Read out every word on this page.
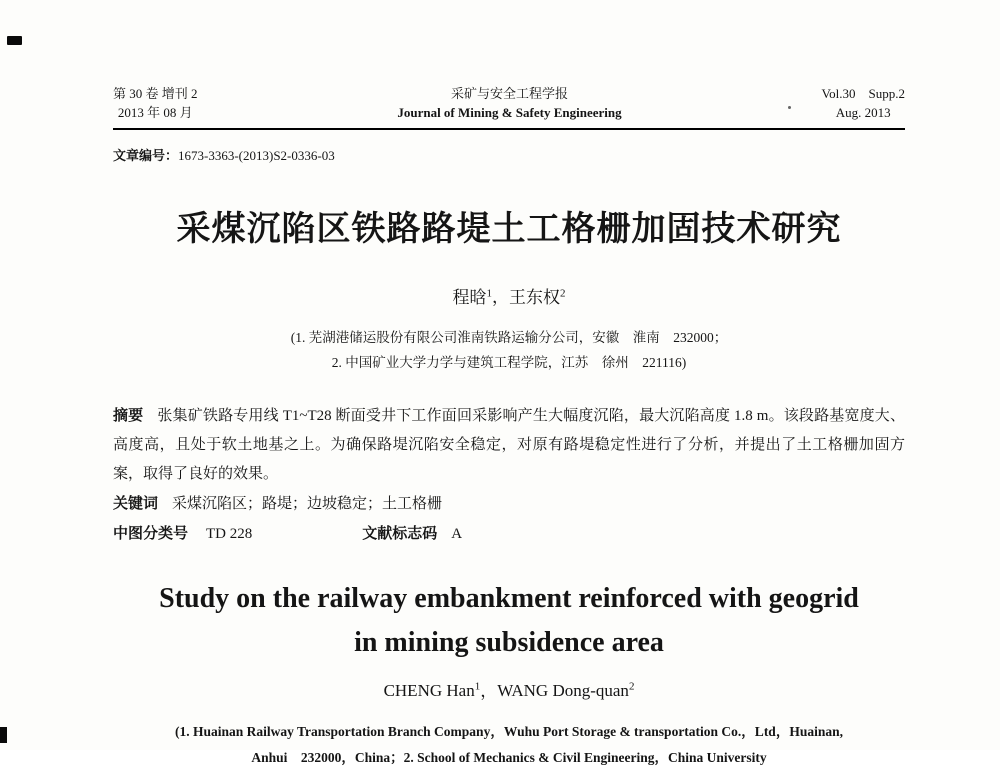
第 30 卷 增刊 2
2013 年 08 月
采矿与安全工程学报
Journal of Mining & Safety Engineering
Vol.30　Supp.2
Aug. 2013

文章编号：1673-3363-(2013)S2-0336-03

采煤沉陷区铁路路堤土工格栅加固技术研究

程晗$^1$，王东权$^2$

(1. 芜湖港储运股份有限公司淮南铁路运输分公司，安徽　淮南　232000；
2. 中国矿业大学力学与建筑工程学院，江苏　徐州　221116)

摘要 张集矿铁路专用线 T1~T28 断面受井下工作面回采影响产生大幅度沉陷，最大沉陷高度 1.8 m。该段路基宽度大、高度高，且处于软土地基之上。为确保路堤沉陷安全稳定，对原有路堤稳定性进行了分析，并提出了土工格栅加固方案，取得了良好的效果。

关键词 采煤沉陷区；路堤；边坡稳定；土工格栅

中图分类号 TD 228	文献标志码 A

Study on the railway embankment reinforced with geogrid
in mining subsidence area

CHENG Han$^1$，WANG Dong-quan$^2$

(1. Huainan Railway Transportation Branch Company，Wuhu Port Storage & transportation Co.，Ltd，Huainan,
Anhui　232000，China；2. School of Mechanics & Civil Engineering，China University
